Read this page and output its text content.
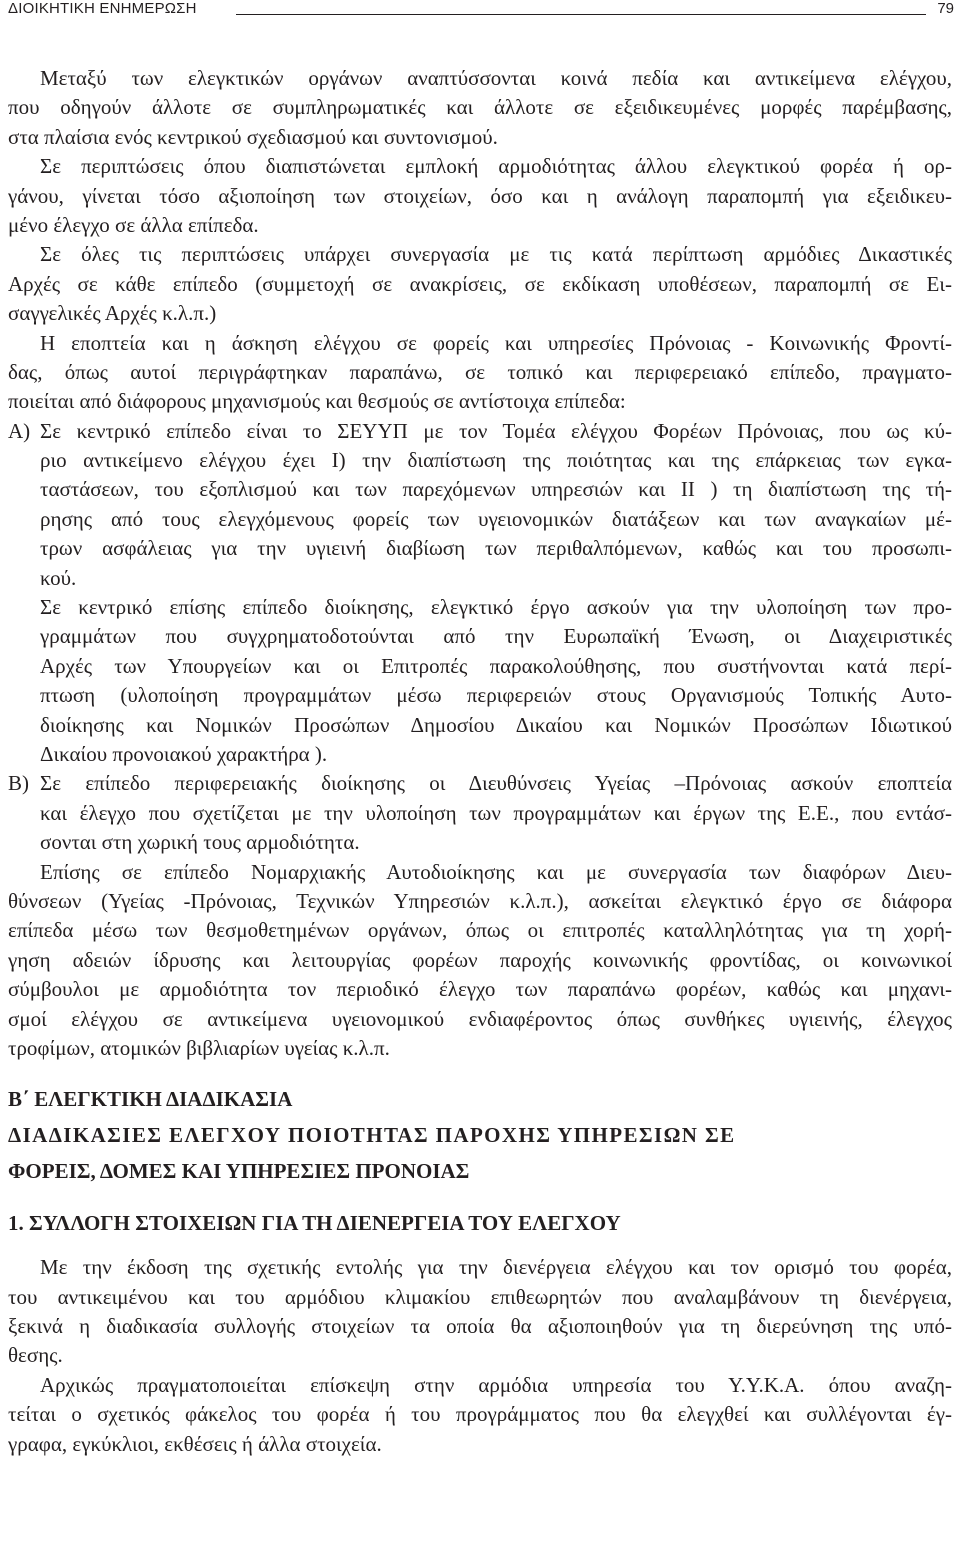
ΔΙΟΙΚΗΤΙΚΗ ΕΝΗΜΕΡΩΣΗ	79
Μεταξύ των ελεγκτικών οργάνων αναπτύσσονται κοινά πεδία και αντικείμενα ελέγχου,
που οδηγούν άλλοτε σε συμπληρωματικές και άλλοτε σε εξειδικευμένες μορφές παρέμβασης,
στα πλαίσια ενός κεντρικού σχεδιασμού και συντονισμού.
Σε περιπτώσεις όπου διαπιστώνεται εμπλοκή αρμοδιότητας άλλου ελεγκτικού φορέα ή ορ-
γάνου, γίνεται τόσο αξιοποίηση των στοιχείων, όσο και η ανάλογη παραπομπή για εξειδικευ-
μένο έλεγχο σε άλλα επίπεδα.
Σε όλες τις περιπτώσεις υπάρχει συνεργασία με τις κατά περίπτωση αρμόδιες Δικαστικές
Αρχές σε κάθε επίπεδο (συμμετοχή σε ανακρίσεις, σε εκδίκαση υποθέσεων, παραπομπή σε Ει-
σαγγελικές Αρχές κ.λ.π.)
Η εποπτεία και η άσκηση ελέγχου σε φορείς και υπηρεσίες Πρόνοιας - Κοινωνικής Φροντί-
δας, όπως αυτοί περιγράφτηκαν παραπάνω, σε τοπικό και περιφερειακό επίπεδο, πραγματο-
ποιείται από διάφορους μηχανισμούς και θεσμούς σε αντίστοιχα επίπεδα:
Α) Σε κεντρικό επίπεδο είναι το ΣΕΥΥΠ με τον Τομέα ελέγχου Φορέων Πρόνοιας, που ως κύ-
ριο αντικείμενο ελέγχου έχει Ι) την διαπίστωση της ποιότητας και της επάρκειας των εγκα-
ταστάσεων, του εξοπλισμού και των παρεχόμενων υπηρεσιών και ΙΙ ) τη διαπίστωση της τή-
ρησης από τους ελεγχόμενους φορείς των υγειονομικών διατάξεων και των αναγκαίων μέ-
τρων ασφάλειας για την υγιεινή διαβίωση των περιθαλπόμενων, καθώς και του προσωπι-
κού.
Σε κεντρικό επίσης επίπεδο διοίκησης, ελεγκτικό έργο ασκούν για την υλοποίηση των προ-
γραμμάτων που συγχρηματοδοτούνται από την Ευρωπαϊκή Ένωση, οι Διαχειριστικές
Αρχές των Υπουργείων και οι Επιτροπές παρακολούθησης, που συστήνονται κατά περί-
πτωση (υλοποίηση προγραμμάτων μέσω περιφερειών στους Οργανισμούς Τοπικής Αυτο-
διοίκησης και Νομικών Προσώπων Δημοσίου Δικαίου και Νομικών Προσώπων Ιδιωτικού
Δικαίου προνοιακού χαρακτήρα ).
Β) Σε επίπεδο περιφερειακής διοίκησης οι Διευθύνσεις Υγείας –Πρόνοιας ασκούν εποπτεία
και έλεγχο που σχετίζεται με την υλοποίηση των προγραμμάτων και έργων της Ε.Ε., που εντάσ-
σονται στη χωρική τους αρμοδιότητα.
Επίσης σε επίπεδο Νομαρχιακής Αυτοδιοίκησης και με συνεργασία των διαφόρων Διευ-
θύνσεων (Υγείας -Πρόνοιας, Τεχνικών Υπηρεσιών κ.λ.π.), ασκείται ελεγκτικό έργο σε διάφορα
επίπεδα μέσω των θεσμοθετημένων οργάνων, όπως οι επιτροπές καταλληλότητας για τη χορή-
γηση αδειών ίδρυσης και λειτουργίας φορέων παροχής κοινωνικής φροντίδας, οι κοινωνικοί
σύμβουλοι με αρμοδιότητα τον περιοδικό έλεγχο των παραπάνω φορέων, καθώς και μηχανι-
σμοί ελέγχου σε αντικείμενα υγειονομικού ενδιαφέροντος όπως συνθήκες υγιεινής, έλεγχος
τροφίμων, ατομικών βιβλιαρίων υγείας κ.λ.π.
Β΄ ΕΛΕΓΚΤΙΚΗ ΔΙΑΔΙΚΑΣΙΑ
ΔΙΑΔΙΚΑΣΙΕΣ ΕΛΕΓΧΟΥ ΠΟΙΟΤΗΤΑΣ ΠΑΡΟΧΗΣ ΥΠΗΡΕΣΙΩΝ ΣΕ
ΦΟΡΕΙΣ, ΔΟΜΕΣ ΚΑΙ ΥΠΗΡΕΣΙΕΣ ΠΡΟΝΟΙΑΣ
1. ΣΥΛΛΟΓΗ ΣΤΟΙΧΕΙΩΝ ΓΙΑ ΤΗ ΔΙΕΝΕΡΓΕΙΑ ΤΟΥ ΕΛΕΓΧΟΥ
Με την έκδοση της σχετικής εντολής για την διενέργεια ελέγχου και τον ορισμό του φορέα,
του αντικειμένου και του αρμόδιου κλιμακίου επιθεωρητών που αναλαμβάνουν τη διενέργεια,
ξεκινά η διαδικασία συλλογής στοιχείων τα οποία θα αξιοποιηθούν για τη διερεύνηση της υπό-
θεσης.
Αρχικώς πραγματοποιείται επίσκεψη στην αρμόδια υπηρεσία του Υ.Υ.Κ.Α. όπου αναζη-
τείται ο σχετικός φάκελος του φορέα ή του προγράμματος που θα ελεγχθεί και συλλέγονται έγ-
γραφα, εγκύκλιοι, εκθέσεις ή άλλα στοιχεία.
